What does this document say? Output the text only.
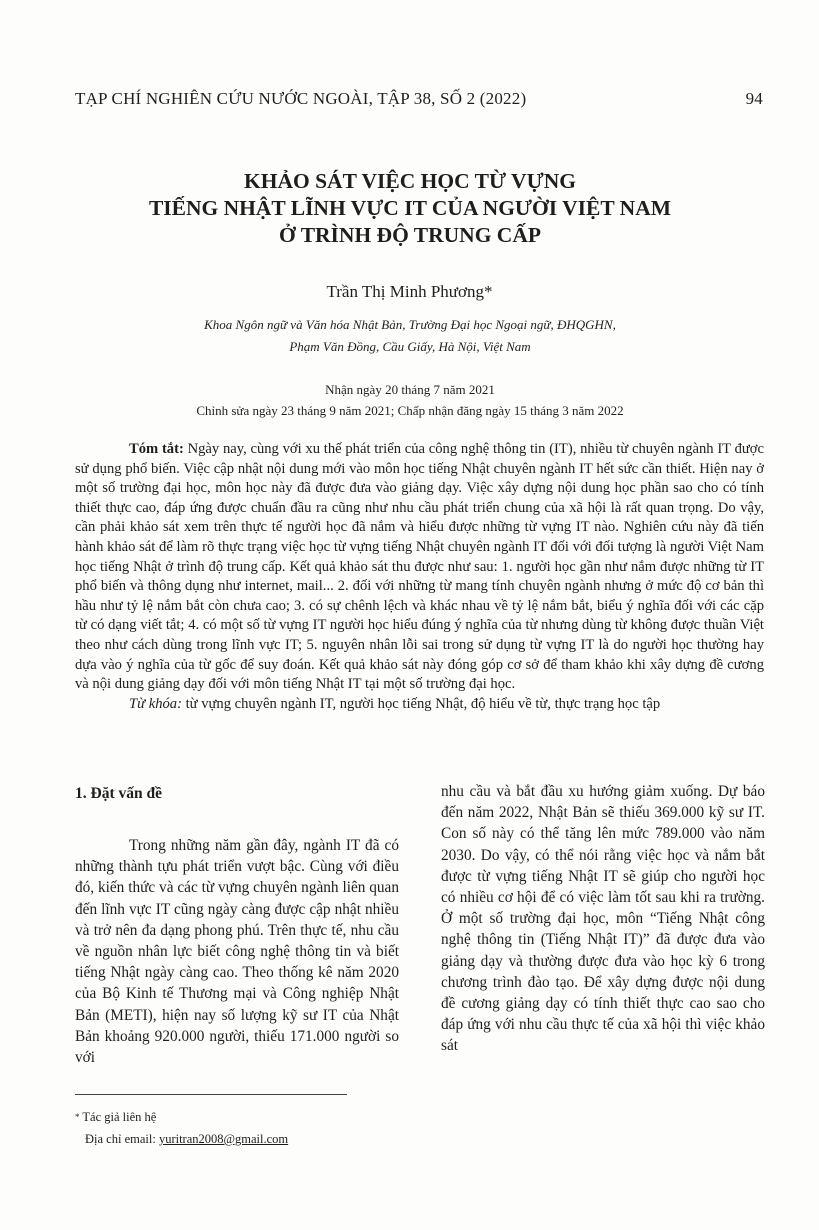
TẠP CHÍ NGHIÊN CỨU NƯỚC NGOÀI, TẬP 38, SỐ 2 (2022)	94
KHẢO SÁT VIỆC HỌC TỪ VỰNG
TIẾNG NHẬT LĨNH VỰC IT CỦA NGƯỜI VIỆT NAM
Ở TRÌNH ĐỘ TRUNG CẤP
Trần Thị Minh Phương*
Khoa Ngôn ngữ và Văn hóa Nhật Bản, Trường Đại học Ngoại ngữ, ĐHQGHN,
Phạm Văn Đồng, Cầu Giấy, Hà Nội, Việt Nam
Nhận ngày 20 tháng 7 năm 2021
Chỉnh sửa ngày 23 tháng 9 năm 2021; Chấp nhận đăng ngày 15 tháng 3 năm 2022

Tóm tắt: Ngày nay, cùng với xu thế phát triển của công nghệ thông tin (IT), nhiều từ chuyên ngành IT được sử dụng phổ biến. Việc cập nhật nội dung mới vào môn học tiếng Nhật chuyên ngành IT hết sức cần thiết. Hiện nay ở một số trường đại học, môn học này đã được đưa vào giảng dạy. Việc xây dựng nội dung học phần sao cho có tính thiết thực cao, đáp ứng được chuẩn đầu ra cũng như nhu cầu phát triển chung của xã hội là rất quan trọng. Do vậy, cần phải khảo sát xem trên thực tế người học đã nắm và hiểu được những từ vựng IT nào. Nghiên cứu này đã tiến hành khảo sát để làm rõ thực trạng việc học từ vựng tiếng Nhật chuyên ngành IT đối với đối tượng là người Việt Nam học tiếng Nhật ở trình độ trung cấp. Kết quả khảo sát thu được như sau: 1. người học gần như nắm được những từ IT phổ biến và thông dụng như internet, mail... 2. đối với những từ mang tính chuyên ngành nhưng ở mức độ cơ bản thì hầu như tỷ lệ nắm bắt còn chưa cao; 3. có sự chênh lệch và khác nhau về tỷ lệ nắm bắt, biểu ý nghĩa đối với các cặp từ có dạng viết tắt; 4. có một số từ vựng IT người học hiểu đúng ý nghĩa của từ nhưng dùng từ không được thuần Việt theo như cách dùng trong lĩnh vực IT; 5. nguyên nhân lỗi sai trong sử dụng từ vựng IT là do người học thường hay dựa vào ý nghĩa của từ gốc để suy đoán. Kết quả khảo sát này đóng góp cơ sở để tham khảo khi xây dựng đề cương và nội dung giảng dạy đối với môn tiếng Nhật IT tại một số trường đại học.

Từ khóa: từ vựng chuyên ngành IT, người học tiếng Nhật, độ hiểu về từ, thực trạng học tập

1. Đặt vấn đề

Trong những năm gần đây, ngành IT đã có những thành tựu phát triển vượt bậc. Cùng với điều đó, kiến thức và các từ vựng chuyên ngành liên quan đến lĩnh vực IT cũng ngày càng được cập nhật nhiều và trở nên đa dạng phong phú. Trên thực tế, nhu cầu về nguồn nhân lực biết công nghệ thông tin và biết tiếng Nhật ngày càng cao. Theo thống kê năm 2020 của Bộ Kinh tế Thương mại và Công nghiệp Nhật Bản (METI), hiện nay số lượng kỹ sư IT của Nhật Bản khoảng 920.000 người, thiếu 171.000 người so với

nhu cầu và bắt đầu xu hướng giảm xuống. Dự báo đến năm 2022, Nhật Bản sẽ thiếu 369.000 kỹ sư IT. Con số này có thể tăng lên mức 789.000 vào năm 2030. Do vậy, có thể nói rằng việc học và nắm bắt được từ vựng tiếng Nhật IT sẽ giúp cho người học có nhiều cơ hội để có việc làm tốt sau khi ra trường. Ở một số trường đại học, môn “Tiếng Nhật công nghệ thông tin (Tiếng Nhật IT)” đã được đưa vào giảng dạy và thường được đưa vào học kỳ 6 trong chương trình đào tạo. Để xây dựng được nội dung đề cương giảng dạy có tính thiết thực cao sao cho đáp ứng với nhu cầu thực tế của xã hội thì việc khảo sát

* Tác giả liên hệ
Địa chỉ email: yuritran2008@gmail.com
